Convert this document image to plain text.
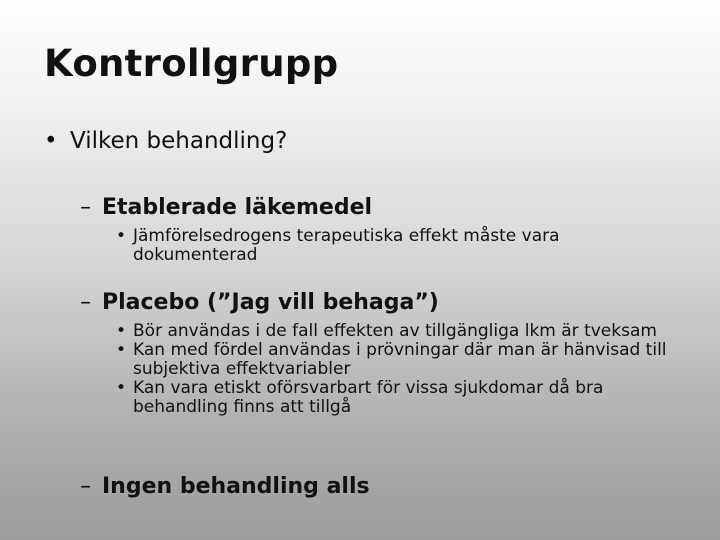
Kontrollgrupp
• Vilken behandling?
– Etablerade läkemedel
• Jämförelsedrogens terapeutiska effekt måste vara dokumenterad
– Placebo (”Jag vill behaga”)
• Bör användas i de fall effekten av tillgängliga lkm är tveksam
• Kan med fördel användas i prövningar där man är hänvisad till subjektiva effektvariabler
• Kan vara etiskt oförsvarbart för vissa sjukdomar då bra behandling finns att tillgå
– Ingen behandling alls
